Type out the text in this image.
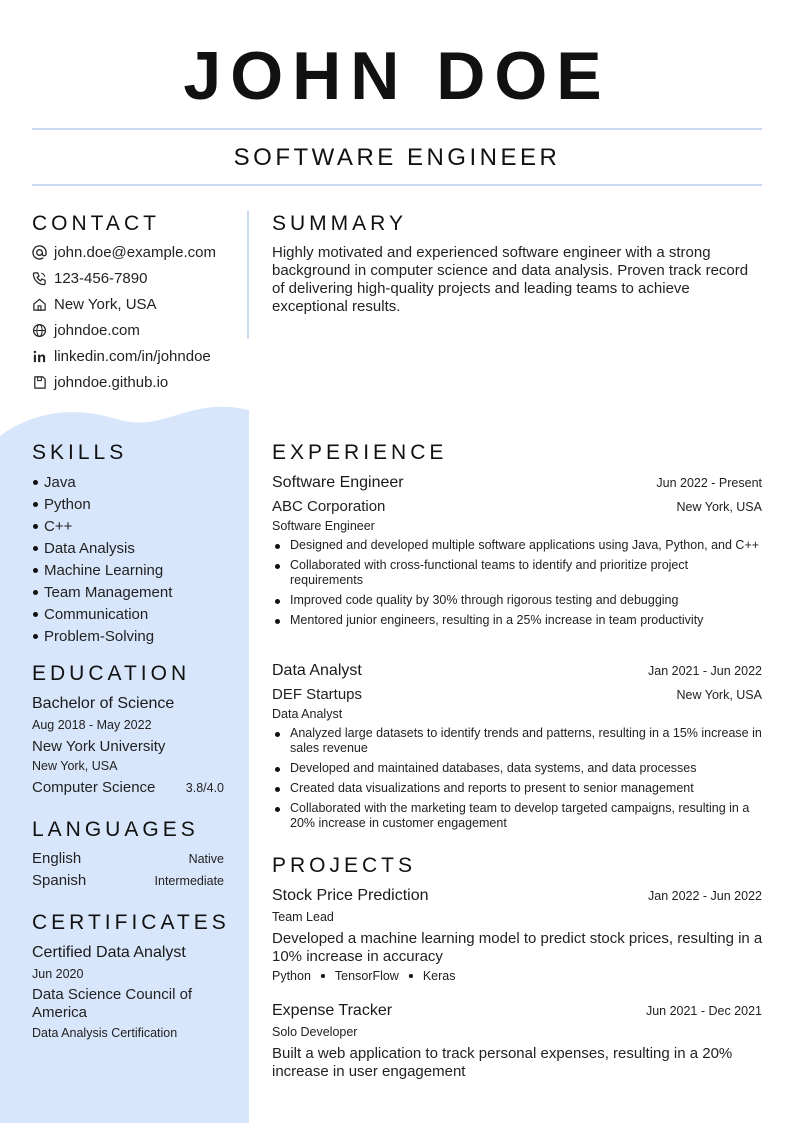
JOHN DOE
SOFTWARE ENGINEER
CONTACT
john.doe@example.com
123-456-7890
New York, USA
johndoe.com
linkedin.com/in/johndoe
johndoe.github.io
SKILLS
Java
Python
C++
Data Analysis
Machine Learning
Team Management
Communication
Problem-Solving
EDUCATION
Bachelor of Science
Aug 2018 - May 2022
New York University
New York, USA
Computer Science	3.8/4.0
LANGUAGES
English	Native
Spanish	Intermediate
CERTIFICATES
Certified Data Analyst
Jun 2020
Data Science Council of America
Data Analysis Certification
SUMMARY

Highly motivated and experienced software engineer with a strong background in computer science and data analysis. Proven track record of delivering high-quality projects and leading teams to achieve exceptional results.

EXPERIENCE
Software Engineer	Jun 2022 - Present
ABC Corporation	New York, USA
Software Engineer
Designed and developed multiple software applications using Java, Python, and C++
Collaborated with cross-functional teams to identify and prioritize project requirements
Improved code quality by 30% through rigorous testing and debugging
Mentored junior engineers, resulting in a 25% increase in team productivity
Data Analyst	Jan 2021 - Jun 2022
DEF Startups	New York, USA
Data Analyst
Analyzed large datasets to identify trends and patterns, resulting in a 15% increase in sales revenue
Developed and maintained databases, data systems, and data processes
Created data visualizations and reports to present to senior management
Collaborated with the marketing team to develop targeted campaigns, resulting in a 20% increase in customer engagement
PROJECTS
Stock Price Prediction	Jan 2022 - Jun 2022
Team Lead

Developed a machine learning model to predict stock prices, resulting in a 10% increase in accuracy

Python TensorFlow Keras
Expense Tracker	Jun 2021 - Dec 2021
Solo Developer

Built a web application to track personal expenses, resulting in a 20% increase in user engagement
